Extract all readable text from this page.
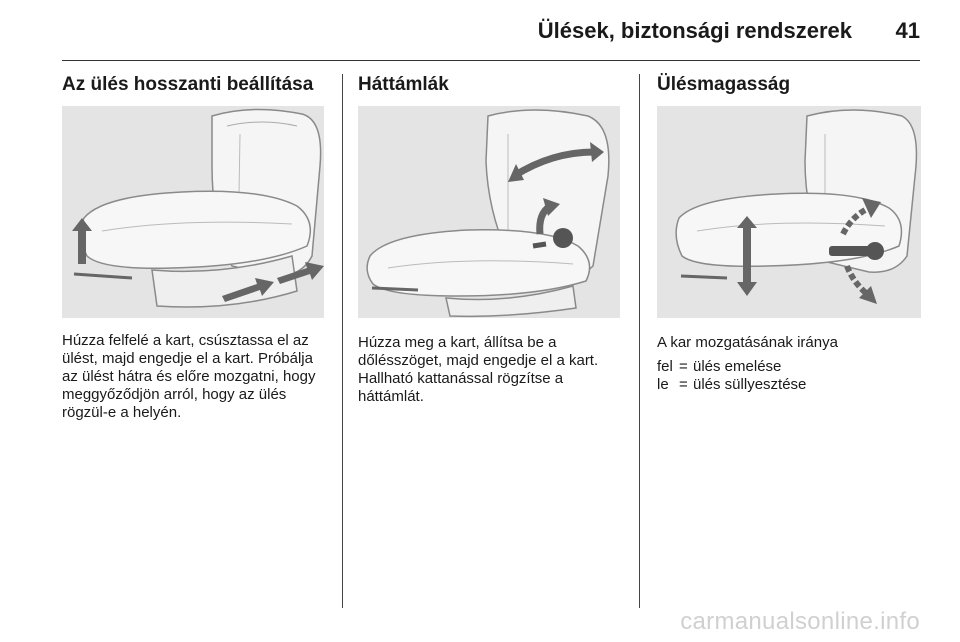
Ülések, biztonsági rendszerek 41
Az ülés hosszanti beállítása
Húzza felfelé a kart, csúsztassa el az ülést, majd engedje el a kart. Próbálja az ülést hátra és előre mozgatni, hogy meggyőződjön arról, hogy az ülés rögzül-e a helyén.
Háttámlák
Húzza meg a kart, állítsa be a dőlésszöget, majd engedje el a kart. Hallható kattanással rögzítse a háttámlát.
Ülésmagasság
A kar mozgatásának iránya
fel = ülés emelése
le = ülés süllyesztése
carmanualsonline.info
